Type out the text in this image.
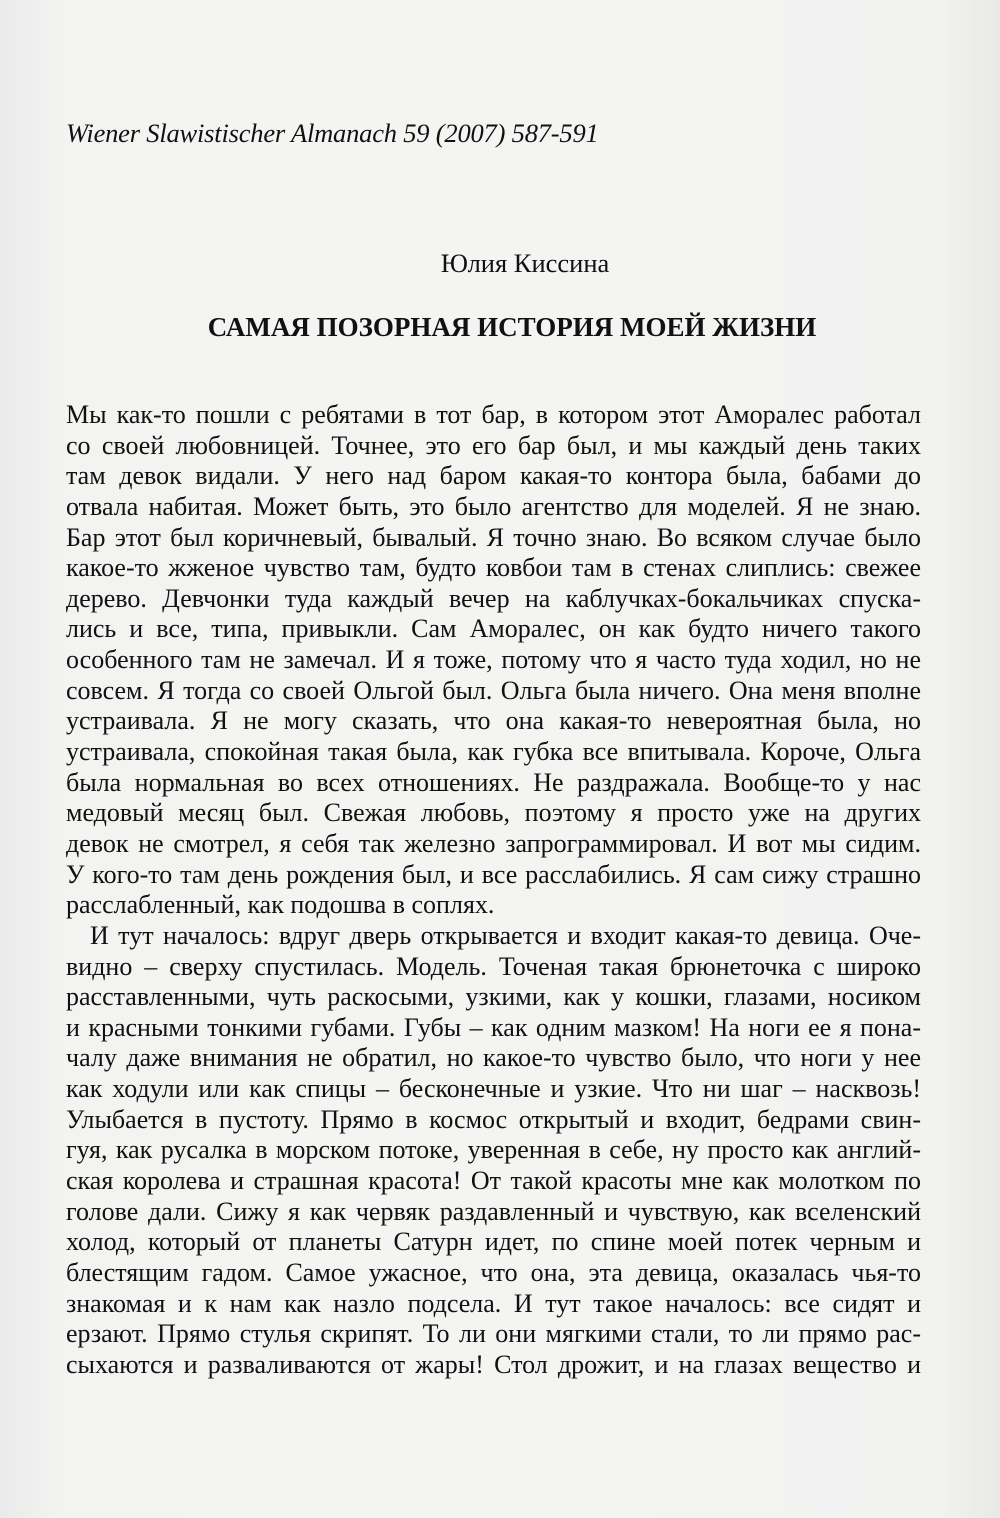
Wiener Slawistischer Almanach 59 (2007) 587-591
Юлия Киссина
САМАЯ ПОЗОРНАЯ ИСТОРИЯ МОЕЙ ЖИЗНИ
Мы как-то пошли с ребятами в тот бар, в котором этот Аморалес работал
со своей любовницей. Точнее, это его бар был, и мы каждый день таких
там девок видали. У него над баром какая-то контора была, бабами до
отвала набитая. Может быть, это было агентство для моделей. Я не знаю.
Бар этот был коричневый, бывалый. Я точно знаю. Во всяком случае было
какое-то жженое чувство там, будто ковбои там в стенах слиплись: свежее
дерево. Девчонки туда каждый вечер на каблучках-бокальчиках спуска-
лись и все, типа, привыкли. Сам Аморалес, он как будто ничего такого
особенного там не замечал. И я тоже, потому что я часто туда ходил, но не
совсем. Я тогда со своей Ольгой был. Ольга была ничего. Она меня вполне
устраивала. Я не могу сказать, что она какая-то невероятная была, но
устраивала, спокойная такая была, как губка все впитывала. Короче, Ольга
была нормальная во всех отношениях. Не раздражала. Вообще-то у нас
медовый месяц был. Свежая любовь, поэтому я просто уже на других
девок не смотрел, я себя так железно запрограммировал. И вот мы сидим.
У кого-то там день рождения был, и все расслабились. Я сам сижу страшно
расслабленный, как подошва в соплях.
И тут началось: вдруг дверь открывается и входит какая-то девица. Оче-
видно – сверху спустилась. Модель. Точеная такая брюнеточка с широко
расставленными, чуть раскосыми, узкими, как у кошки, глазами, носиком
и красными тонкими губами. Губы – как одним мазком! На ноги ее я пона-
чалу даже внимания не обратил, но какое-то чувство было, что ноги у нее
как ходули или как спицы – бесконечные и узкие. Что ни шаг – насквозь!
Улыбается в пустоту. Прямо в космос открытый и входит, бедрами свин-
гуя, как русалка в морском потоке, уверенная в себе, ну просто как англий-
ская королева и страшная красота! От такой красоты мне как молотком по
голове дали. Сижу я как червяк раздавленный и чувствую, как вселенский
холод, который от планеты Сатурн идет, по спине моей потек черным и
блестящим гадом. Самое ужасное, что она, эта девица, оказалась чья-то
знакомая и к нам как назло подсела. И тут такое началось: все сидят и
ерзают. Прямо стулья скрипят. То ли они мягкими стали, то ли прямо рас-
сыхаются и разваливаются от жары! Стол дрожит, и на глазах вещество и
